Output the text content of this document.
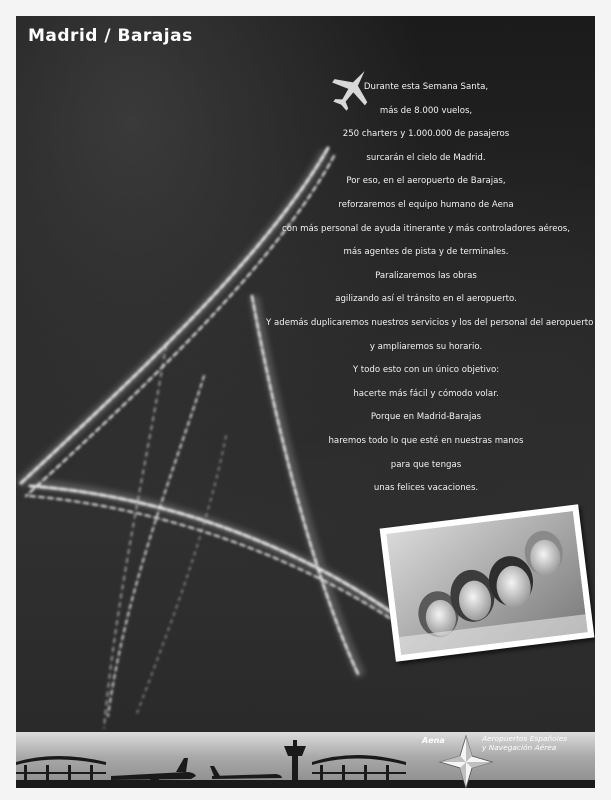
Madrid / Barajas
Durante esta Semana Santa,
más de 8.000 vuelos,
250 charters y 1.000.000 de pasajeros
surcarán el cielo de Madrid.
Por eso, en el aeropuerto de Barajas,
reforzaremos el equipo humano de Aena
con más personal de ayuda itinerante y más controladores aéreos,
más agentes de pista y de terminales.
Paralizaremos las obras
agilizando así el tránsito en el aeropuerto.
Y además duplicaremos nuestros servicios y los del personal del aeropuerto
y ampliaremos su horario.
Y todo esto con un único objetivo:
hacerte más fácil y cómodo volar.
Porque en Madrid-Barajas
haremos todo lo que esté en nuestras manos
para que tengas
unas felices vacaciones.
Aena	Aeropuertos Españoles
y Navegación Aérea
